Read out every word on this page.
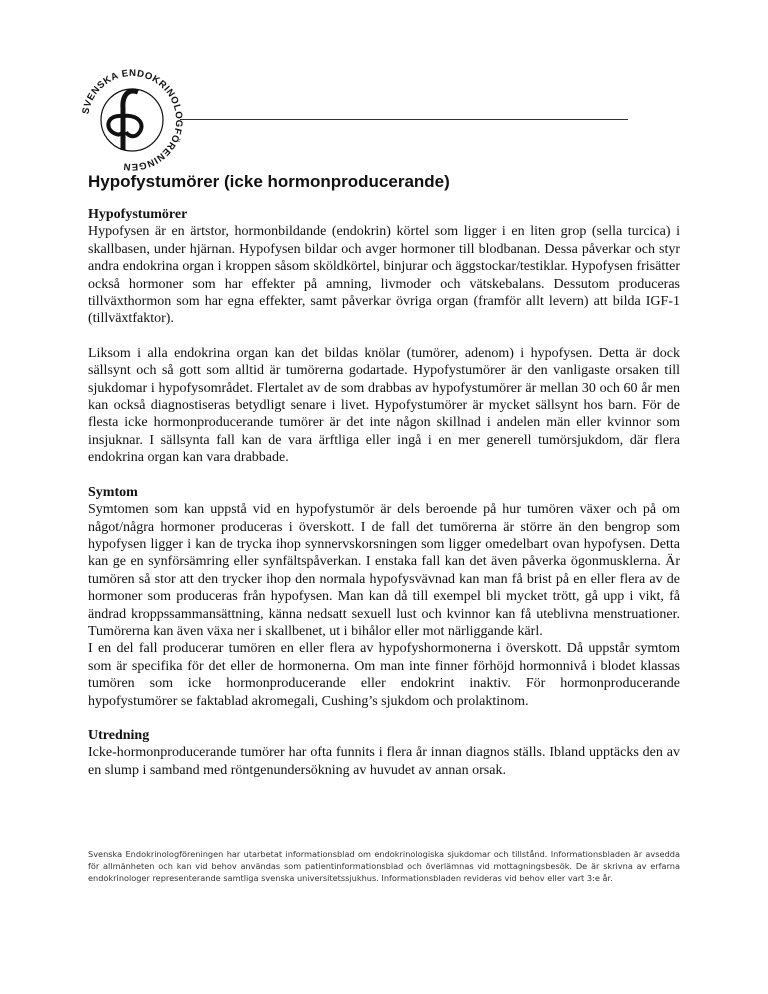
SVENSKA ENDOKRINOLOGFÖRENINGEN
Hypofystumörer (icke hormonproducerande)

Hypofystumörer

Hypofysen är en ärtstor, hormonbildande (endokrin) körtel som ligger i en liten grop (sella turcica) i skallbasen, under hjärnan. Hypofysen bildar och avger hormoner till blodbanan. Dessa påverkar och styr andra endokrina organ i kroppen såsom sköldkörtel, binjurar och äggstockar/testiklar. Hypofysen frisätter också hormoner som har effekter på amning, livmoder och vätskebalans. Dessutom produceras tillväxthormon som har egna effekter, samt påverkar övriga organ (framför allt levern) att bilda IGF-1 (tillväxtfaktor).

Liksom i alla endokrina organ kan det bildas knölar (tumörer, adenom) i hypofysen. Detta är dock sällsynt och så gott som alltid är tumörerna godartade. Hypofystumörer är den vanligaste orsaken till sjukdomar i hypofysområdet. Flertalet av de som drabbas av hypofystumörer är mellan 30 och 60 år men kan också diagnostiseras betydligt senare i livet. Hypofystumörer är mycket sällsynt hos barn. För de flesta icke hormonproducerande tumörer är det inte någon skillnad i andelen män eller kvinnor som insjuknar. I sällsynta fall kan de vara ärftliga eller ingå i en mer generell tumörsjukdom, där flera endokrina organ kan vara drabbade.

Symtom

Symtomen som kan uppstå vid en hypofystumör är dels beroende på hur tumören växer och på om något/några hormoner produceras i överskott. I de fall det tumörerna är större än den bengrop som hypofysen ligger i kan de trycka ihop synnervskorsningen som ligger omedelbart ovan hypofysen. Detta kan ge en synförsämring eller synfältspåverkan. I enstaka fall kan det även påverka ögonmusklerna. Är tumören så stor att den trycker ihop den normala hypofysvävnad kan man få brist på en eller flera av de hormoner som produceras från hypofysen. Man kan då till exempel bli mycket trött, gå upp i vikt, få ändrad kroppssammansättning, känna nedsatt sexuell lust och kvinnor kan få uteblivna menstruationer. Tumörerna kan även växa ner i skallbenet, ut i bihålor eller mot närliggande kärl.

I en del fall producerar tumören en eller flera av hypofyshormonerna i överskott. Då uppstår symtom som är specifika för det eller de hormonerna. Om man inte finner förhöjd hormonnivå i blodet klassas tumören som icke hormonproducerande eller endokrint inaktiv. För hormonproducerande hypofystumörer se faktablad akromegali, Cushing’s sjukdom och prolaktinom.

Utredning

Icke-hormonproducerande tumörer har ofta funnits i flera år innan diagnos ställs. Ibland upptäcks den av en slump i samband med röntgenundersökning av huvudet av annan orsak.

Svenska Endokrinologföreningen har utarbetat informationsblad om endokrinologiska sjukdomar och tillstånd. Informationsbladen är avsedda för allmänheten och kan vid behov användas som patientinformationsblad och överlämnas vid mottagningsbesök. De är skrivna av erfarna endokrinologer representerande samtliga svenska universitetssjukhus. Informationsbladen revideras vid behov eller vart 3:e år.
